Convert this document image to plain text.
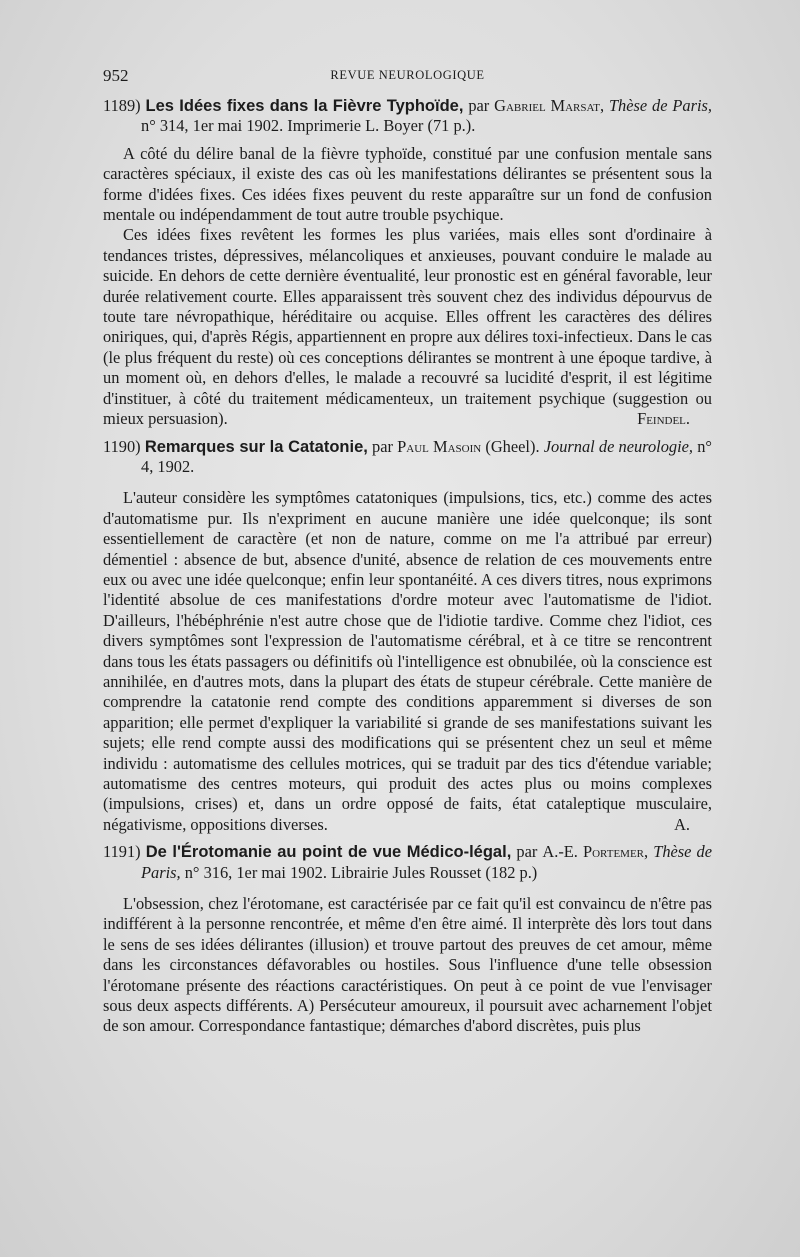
952	REVUE NEUROLOGIQUE

1189) Les Idées fixes dans la Fièvre Typhoïde, par Gabriel Marsat, Thèse de Paris, n° 314, 1er mai 1902. Imprimerie L. Boyer (71 p.).

A côté du délire banal de la fièvre typhoïde, constitué par une confusion mentale sans caractères spéciaux, il existe des cas où les manifestations délirantes se présentent sous la forme d'idées fixes. Ces idées fixes peuvent du reste apparaître sur un fond de confusion mentale ou indépendamment de tout autre trouble psychique.

Ces idées fixes revêtent les formes les plus variées, mais elles sont d'ordinaire à tendances tristes, dépressives, mélancoliques et anxieuses, pouvant conduire le malade au suicide. En dehors de cette dernière éventualité, leur pronostic est en général favorable, leur durée relativement courte. Elles apparaissent très souvent chez des individus dépourvus de toute tare névropathique, héréditaire ou acquise. Elles offrent les caractères des délires oniriques, qui, d'après Régis, appartiennent en propre aux délires toxi-infectieux. Dans le cas (le plus fréquent du reste) où ces conceptions délirantes se montrent à une époque tardive, à un moment où, en dehors d'elles, le malade a recouvré sa lucidité d'esprit, il est légitime d'instituer, à côté du traitement médicamenteux, un traitement psychique (suggestion ou mieux persuasion).	Feindel.

1190) Remarques sur la Catatonie, par Paul Masoin (Gheel). Journal de neurologie, n° 4, 1902.

L'auteur considère les symptômes catatoniques (impulsions, tics, etc.) comme des actes d'automatisme pur. Ils n'expriment en aucune manière une idée quelconque; ils sont essentiellement de caractère (et non de nature, comme on me l'a attribué par erreur) démentiel : absence de but, absence d'unité, absence de relation de ces mouvements entre eux ou avec une idée quelconque; enfin leur spontanéité. A ces divers titres, nous exprimons l'identité absolue de ces manifestations d'ordre moteur avec l'automatisme de l'idiot. D'ailleurs, l'hébéphrénie n'est autre chose que de l'idiotie tardive. Comme chez l'idiot, ces divers symptômes sont l'expression de l'automatisme cérébral, et à ce titre se rencontrent dans tous les états passagers ou définitifs où l'intelligence est obnubilée, où la conscience est annihilée, en d'autres mots, dans la plupart des états de stupeur cérébrale. Cette manière de comprendre la catatonie rend compte des conditions apparemment si diverses de son apparition; elle permet d'expliquer la variabilité si grande de ses manifestations suivant les sujets; elle rend compte aussi des modifications qui se présentent chez un seul et même individu : automatisme des cellules motrices, qui se traduit par des tics d'étendue variable; automatisme des centres moteurs, qui produit des actes plus ou moins complexes (impulsions, crises) et, dans un ordre opposé de faits, état cataleptique musculaire, négativisme, oppositions diverses.	A.

1191) De l'Érotomanie au point de vue Médico-légal, par A.-E. Portemer, Thèse de Paris, n° 316, 1er mai 1902. Librairie Jules Rousset (182 p.)

L'obsession, chez l'érotomane, est caractérisée par ce fait qu'il est convaincu de n'être pas indifférent à la personne rencontrée, et même d'en être aimé. Il interprète dès lors tout dans le sens de ses idées délirantes (illusion) et trouve partout des preuves de cet amour, même dans les circonstances défavorables ou hostiles. Sous l'influence d'une telle obsession l'érotomane présente des réactions caractéristiques. On peut à ce point de vue l'envisager sous deux aspects différents. A) Persécuteur amoureux, il poursuit avec acharnement l'objet de son amour. Correspondance fantastique; démarches d'abord discrètes, puis plus
